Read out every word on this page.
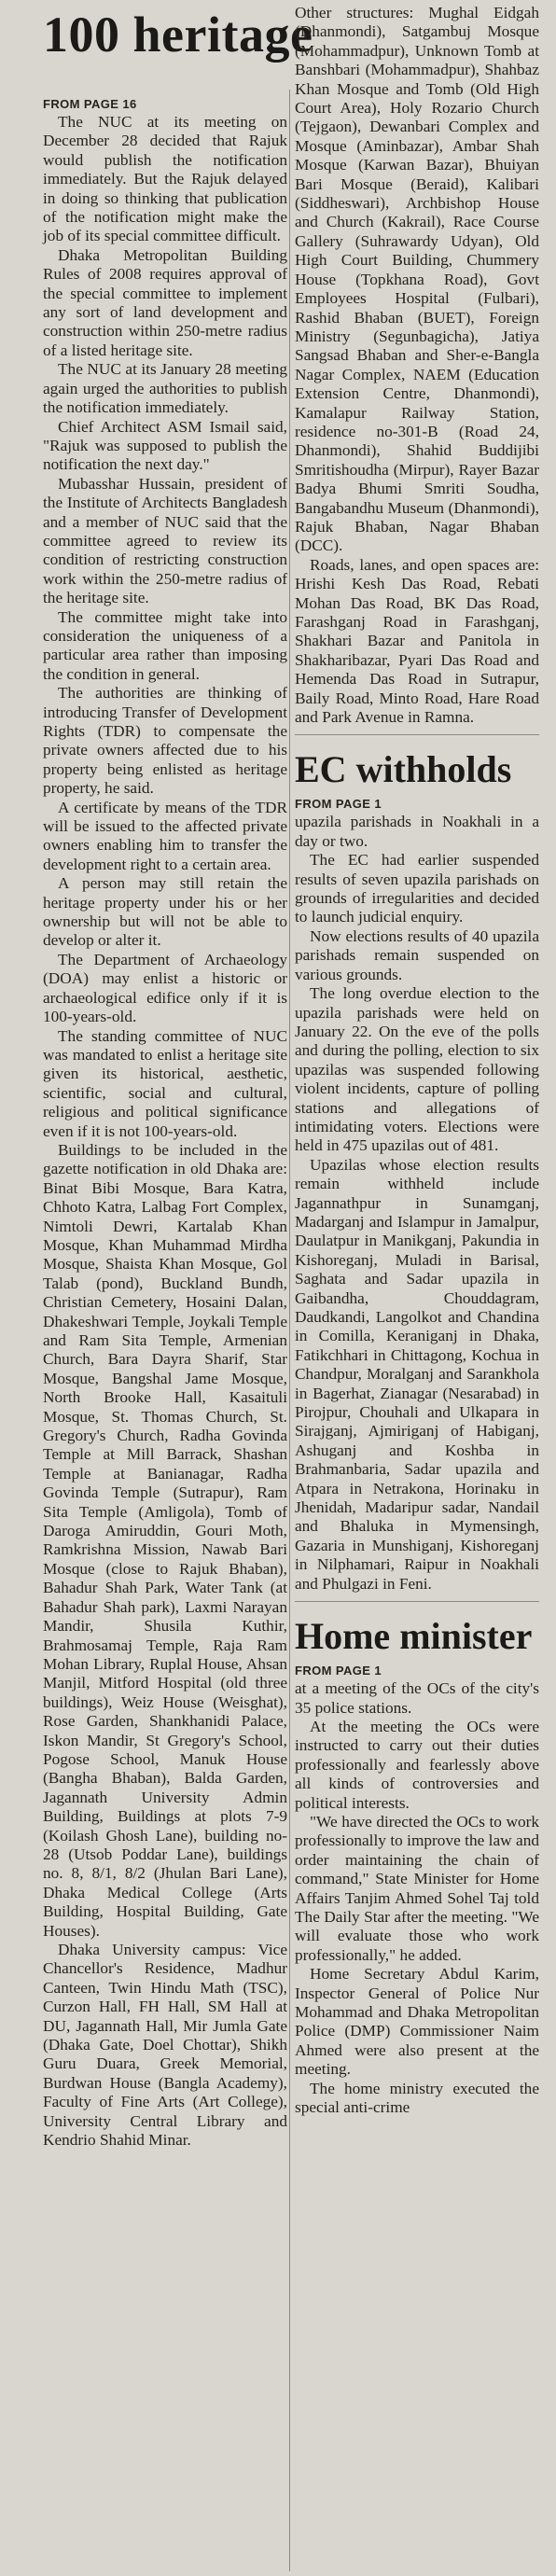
100 heritage
FROM PAGE 16

The NUC at its meeting on December 28 decided that Rajuk would publish the notification immediately. But the Rajuk delayed in doing so thinking that publication of the notification might make the job of its special committee difficult.

Dhaka Metropolitan Building Rules of 2008 requires approval of the special committee to implement any sort of land development and construction within 250-metre radius of a listed heritage site.

The NUC at its January 28 meeting again urged the authorities to publish the notification immediately.

Chief Architect ASM Ismail said, "Rajuk was supposed to publish the notification the next day."

Mubasshar Hussain, president of the Institute of Architects Bangladesh and a member of NUC said that the committee agreed to review its condition of restricting construction work within the 250-metre radius of the heritage site.

The committee might take into consideration the uniqueness of a particular area rather than imposing the condition in general.

The authorities are thinking of introducing Transfer of Development Rights (TDR) to compensate the private owners affected due to his property being enlisted as heritage property, he said.

A certificate by means of the TDR will be issued to the affected private owners enabling him to transfer the development right to a certain area.

A person may still retain the heritage property under his or her ownership but will not be able to develop or alter it.

The Department of Archaeology (DOA) may enlist a historic or archaeological edifice only if it is 100-years-old.

The standing committee of NUC was mandated to enlist a heritage site given its historical, aesthetic, scientific, social and cultural, religious and political significance even if it is not 100-years-old.

Buildings to be included in the gazette notification in old Dhaka are: Binat Bibi Mosque, Bara Katra, Chhoto Katra, Lalbag Fort Complex, Nimtoli Dewri, Kartalab Khan Mosque, Khan Muhammad Mirdha Mosque, Shaista Khan Mosque, Gol Talab (pond), Buckland Bundh, Christian Cemetery, Hosaini Dalan, Dhakeshwari Temple, Joykali Temple and Ram Sita Temple, Armenian Church, Bara Dayra Sharif, Star Mosque, Bangshal Jame Mosque, North Brooke Hall, Kasaituli Mosque, St. Thomas Church, St. Gregory's Church, Radha Govinda Temple at Mill Barrack, Shashan Temple at Banianagar, Radha Govinda Temple (Sutrapur), Ram Sita Temple (Amligola), Tomb of Daroga Amiruddin, Gouri Moth, Ramkrishna Mission, Nawab Bari Mosque (close to Rajuk Bhaban), Bahadur Shah Park, Water Tank (at Bahadur Shah park), Laxmi Narayan Mandir, Shusila Kuthir, Brahmosamaj Temple, Raja Ram Mohan Library, Ruplal House, Ahsan Manjil, Mitford Hospital (old three buildings), Weiz House (Weisghat), Rose Garden, Shankhanidi Palace, Iskon Mandir, St Gregory's School, Pogose School, Manuk House (Bangha Bhaban), Balda Garden, Jagannath University Admin Building, Buildings at plots 7-9 (Koilash Ghosh Lane), building no-28 (Utsob Poddar Lane), buildings no. 8, 8/1, 8/2 (Jhulan Bari Lane), Dhaka Medical College (Arts Building, Hospital Building, Gate Houses).

Dhaka University campus: Vice Chancellor's Residence, Madhur Canteen, Twin Hindu Math (TSC), Curzon Hall, FH Hall, SM Hall at DU, Jagannath Hall, Mir Jumla Gate (Dhaka Gate, Doel Chottar), Shikh Guru Duara, Greek Memorial, Burdwan House (Bangla Academy), Faculty of Fine Arts (Art College), University Central Library and Kendrio Shahid Minar.

Other structures: Mughal Eidgah (Dhanmondi), Satgambuj Mosque (Mohammadpur), Unknown Tomb at Banshbari (Mohammadpur), Shahbaz Khan Mosque and Tomb (Old High Court Area), Holy Rozario Church (Tejgaon), Dewanbari Complex and Mosque (Aminbazar), Ambar Shah Mosque (Karwan Bazar), Bhuiyan Bari Mosque (Beraid), Kalibari (Siddheswari), Archbishop House and Church (Kakrail), Race Course Gallery (Suhrawardy Udyan), Old High Court Building, Chummery House (Topkhana Road), Govt Employees Hospital (Fulbari), Rashid Bhaban (BUET), Foreign Ministry (Segunbagicha), Jatiya Sangsad Bhaban and Sher-e-Bangla Nagar Complex, NAEM (Education Extension Centre, Dhanmondi), Kamalapur Railway Station, residence no-301-B (Road 24, Dhanmondi), Shahid Buddijibi Smritishoudha (Mirpur), Rayer Bazar Badya Bhumi Smriti Soudha, Bangabandhu Museum (Dhanmondi), Rajuk Bhaban, Nagar Bhaban (DCC).

Roads, lanes, and open spaces are: Hrishi Kesh Das Road, Rebati Mohan Das Road, BK Das Road, Farashganj Road in Farashganj, Shakhari Bazar and Panitola in Shakharibazar, Pyari Das Road and Hemenda Das Road in Sutrapur, Baily Road, Minto Road, Hare Road and Park Avenue in Ramna.

EC withholds
FROM PAGE 1

upazila parishads in Noakhali in a day or two.

The EC had earlier suspended results of seven upazila parishads on grounds of irregularities and decided to launch judicial enquiry.

Now elections results of 40 upazila parishads remain suspended on various grounds.

The long overdue election to the upazila parishads were held on January 22. On the eve of the polls and during the polling, election to six upazilas was suspended following violent incidents, capture of polling stations and allegations of intimidating voters. Elections were held in 475 upazilas out of 481.

Upazilas whose election results remain withheld include Jagannathpur in Sunamganj, Madarganj and Islampur in Jamalpur, Daulatpur in Manikganj, Pakundia in Kishoreganj, Muladi in Barisal, Saghata and Sadar upazila in Gaibandha, Chouddagram, Daudkandi, Langolkot and Chandina in Comilla, Keraniganj in Dhaka, Fatikchhari in Chittagong, Kochua in Chandpur, Moralganj and Sarankhola in Bagerhat, Zianagar (Nesarabad) in Pirojpur, Chouhali and Ulkapara in Sirajganj, Ajmiriganj of Habiganj, Ashuganj and Koshba in Brahmanbaria, Sadar upazila and Atpara in Netrakona, Horinaku in Jhenidah, Madaripur sadar, Nandail and Bhaluka in Mymensingh, Gazaria in Munshiganj, Kishoreganj in Nilphamari, Raipur in Noakhali and Phulgazi in Feni.

Home minister
FROM PAGE 1

at a meeting of the OCs of the city's 35 police stations.

At the meeting the OCs were instructed to carry out their duties professionally and fearlessly above all kinds of controversies and political interests.

"We have directed the OCs to work professionally to improve the law and order maintaining the chain of command," State Minister for Home Affairs Tanjim Ahmed Sohel Taj told The Daily Star after the meeting. "We will evaluate those who work professionally," he added.

Home Secretary Abdul Karim, Inspector General of Police Nur Mohammad and Dhaka Metropolitan Police (DMP) Commissioner Naim Ahmed were also present at the meeting.

The home ministry executed the special anti-crime
